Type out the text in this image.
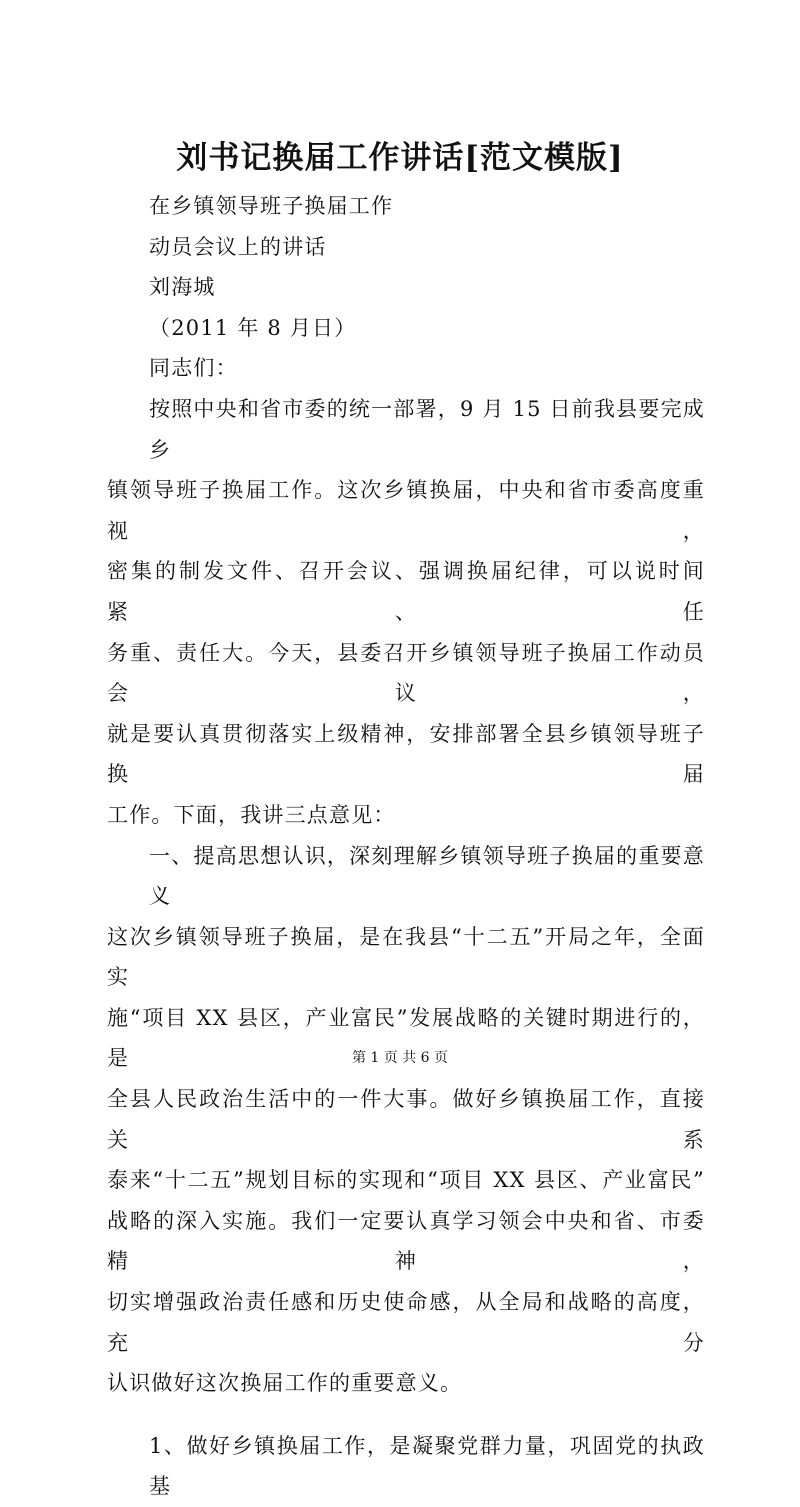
刘书记换届工作讲话[范文模版]

在乡镇领导班子换届工作

动员会议上的讲话

刘海城

（2011 年 8 月日）

同志们：

按照中央和省市委的统一部署，9 月 15 日前我县要完成乡

镇领导班子换届工作。这次乡镇换届，中央和省市委高度重视，

密集的制发文件、召开会议、强调换届纪律，可以说时间紧、任

务重、责任大。今天，县委召开乡镇领导班子换届工作动员会议，

就是要认真贯彻落实上级精神，安排部署全县乡镇领导班子换届

工作。下面，我讲三点意见：

一、提高思想认识，深刻理解乡镇领导班子换届的重要意义

这次乡镇领导班子换届，是在我县“十二五”开局之年，全面实

施“项目 XX 县区，产业富民”发展战略的关键时期进行的，是

全县人民政治生活中的一件大事。做好乡镇换届工作，直接关系

泰来“十二五”规划目标的实现和“项目 XX 县区、产业富民”

战略的深入实施。我们一定要认真学习领会中央和省、市委精神，

切实增强政治责任感和历史使命感，从全局和战略的高度，充分

认识做好这次换届工作的重要意义。

1、做好乡镇换届工作，是凝聚党群力量，巩固党的执政基

第 1 页 共 6 页
